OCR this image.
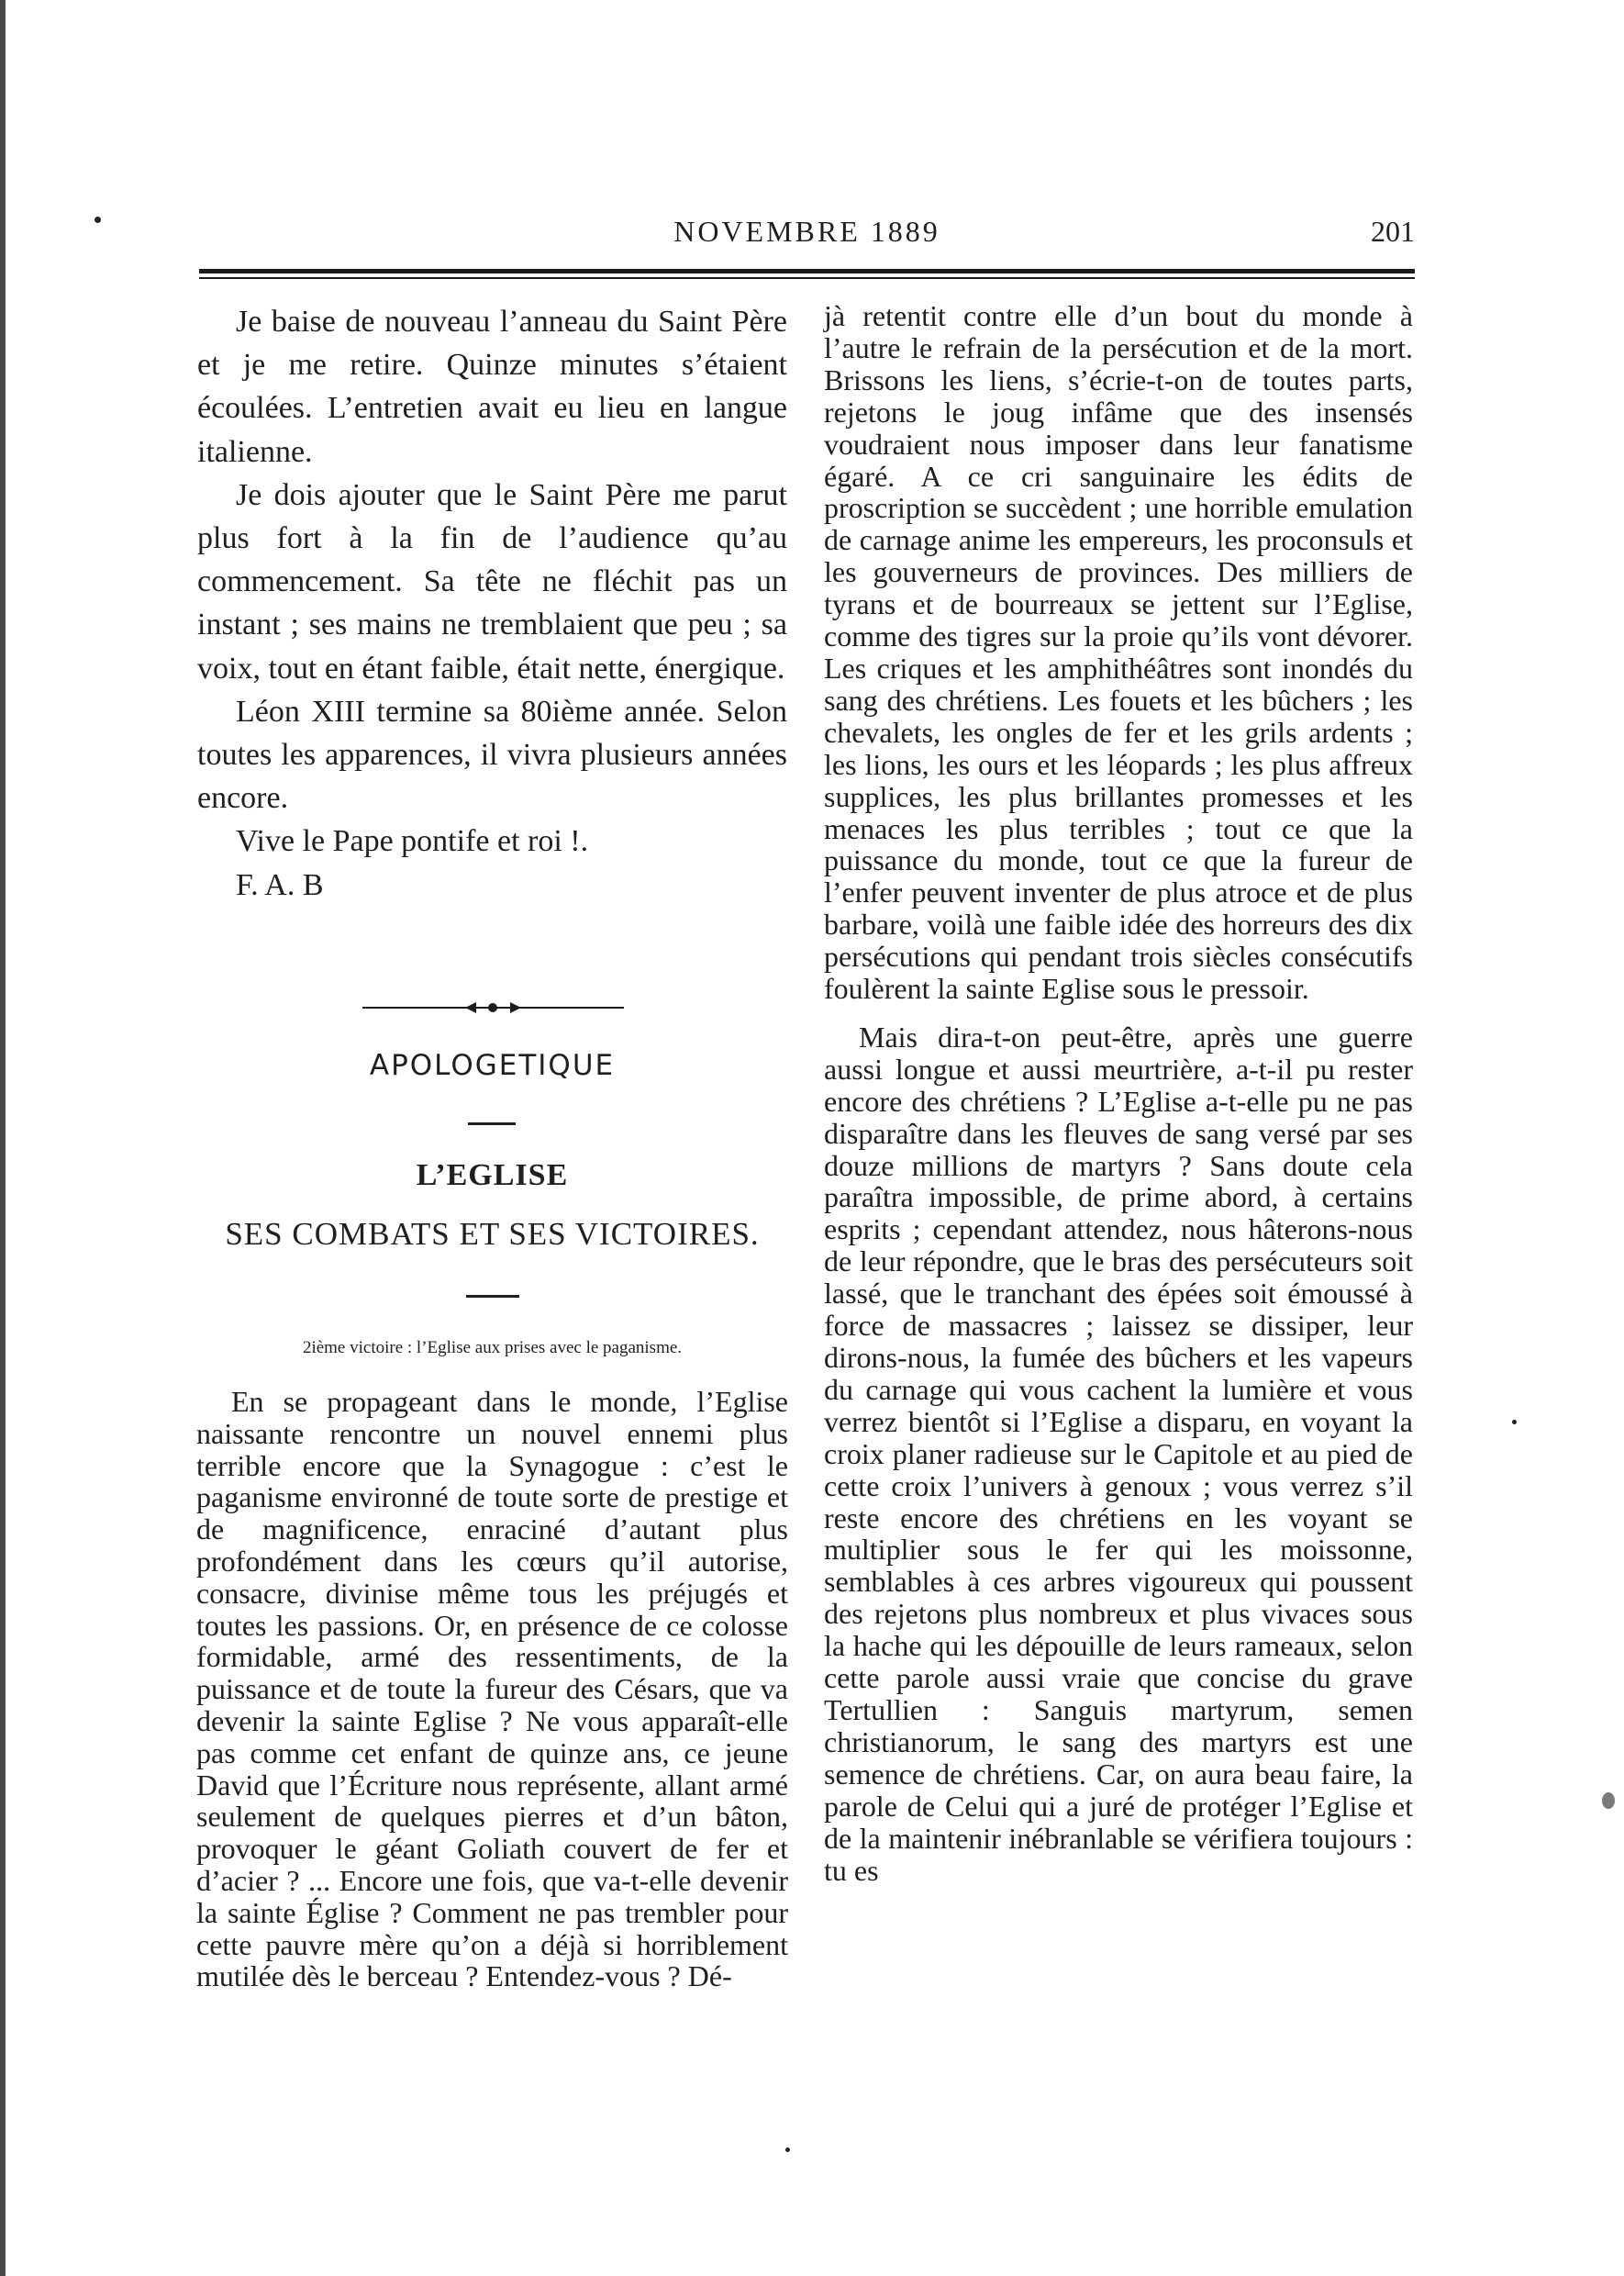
NOVEMBRE 1889	201

Je baise de nouveau l’anneau du Saint Père et je me retire. Quinze minutes s’étaient écoulées. L’entretien avait eu lieu en langue italienne.

Je dois ajouter que le Saint Père me parut plus fort à la fin de l’audience qu’au commencement. Sa tête ne fléchit pas un instant ; ses mains ne tremblaient que peu ; sa voix, tout en étant faible, était nette, énergique.

Léon XIII termine sa 80ième année. Selon toutes les apparences, il vivra plusieurs années encore.

Vive le Pape pontife et roi !.

F. A. B

APOLOGETIQUE
L’EGLISE
SES COMBATS ET SES VICTOIRES.
2ième victoire : l’Eglise aux prises avec le paganisme.

En se propageant dans le monde, l’Eglise naissante rencontre un nouvel ennemi plus terrible encore que la Synagogue : c’est le paganisme environné de toute sorte de prestige et de magnificence, enraciné d’autant plus profondément dans les cœurs qu’il autorise, consacre, divinise même tous les préjugés et toutes les passions. Or, en présence de ce colosse formidable, armé des ressentiments, de la puissance et de toute la fureur des Césars, que va devenir la sainte Eglise ? Ne vous apparaît-elle pas comme cet enfant de quinze ans, ce jeune David que l’Écriture nous représente, allant armé seulement de quelques pierres et d’un bâton, provoquer le géant Goliath couvert de fer et d’acier ? ... Encore une fois, que va-t-elle devenir la sainte Église ? Comment ne pas trembler pour cette pauvre mère qu’on a déjà si horriblement mutilée dès le berceau ? Entendez-vous ? Dé-

jà retentit contre elle d’un bout du monde à l’autre le refrain de la persécution et de la mort. Brissons les liens, s’écrie-t-on de toutes parts, rejetons le joug infâme que des insensés voudraient nous imposer dans leur fanatisme égaré. A ce cri sanguinaire les édits de proscription se succèdent ; une horrible emulation de carnage anime les empereurs, les proconsuls et les gouverneurs de provinces. Des milliers de tyrans et de bourreaux se jettent sur l’Eglise, comme des tigres sur la proie qu’ils vont dévorer. Les criques et les amphithéâtres sont inondés du sang des chrétiens. Les fouets et les bûchers ; les chevalets, les ongles de fer et les grils ardents ; les lions, les ours et les léopards ; les plus affreux supplices, les plus brillantes promesses et les menaces les plus terribles ; tout ce que la puissance du monde, tout ce que la fureur de l’enfer peuvent inventer de plus atroce et de plus barbare, voilà une faible idée des horreurs des dix persécutions qui pendant trois siècles consécutifs foulèrent la sainte Eglise sous le pressoir.

Mais dira-t-on peut-être, après une guerre aussi longue et aussi meurtrière, a-t-il pu rester encore des chrétiens ? L’Eglise a-t-elle pu ne pas disparaître dans les fleuves de sang versé par ses douze millions de martyrs ? Sans doute cela paraîtra impossible, de prime abord, à certains esprits ; cependant attendez, nous hâterons-nous de leur répondre, que le bras des persécuteurs soit lassé, que le tranchant des épées soit émoussé à force de massacres ; laissez se dissiper, leur dirons-nous, la fumée des bûchers et les vapeurs du carnage qui vous cachent la lumière et vous verrez bientôt si l’Eglise a disparu, en voyant la croix planer radieuse sur le Capitole et au pied de cette croix l’univers à genoux ; vous verrez s’il reste encore des chrétiens en les voyant se multiplier sous le fer qui les moissonne, semblables à ces arbres vigoureux qui poussent des rejetons plus nombreux et plus vivaces sous la hache qui les dépouille de leurs rameaux, selon cette parole aussi vraie que concise du grave Tertullien : Sanguis martyrum, semen christianorum, le sang des martyrs est une semence de chrétiens. Car, on aura beau faire, la parole de Celui qui a juré de protéger l’Eglise et de la maintenir inébranlable se vérifiera toujours : tu es
